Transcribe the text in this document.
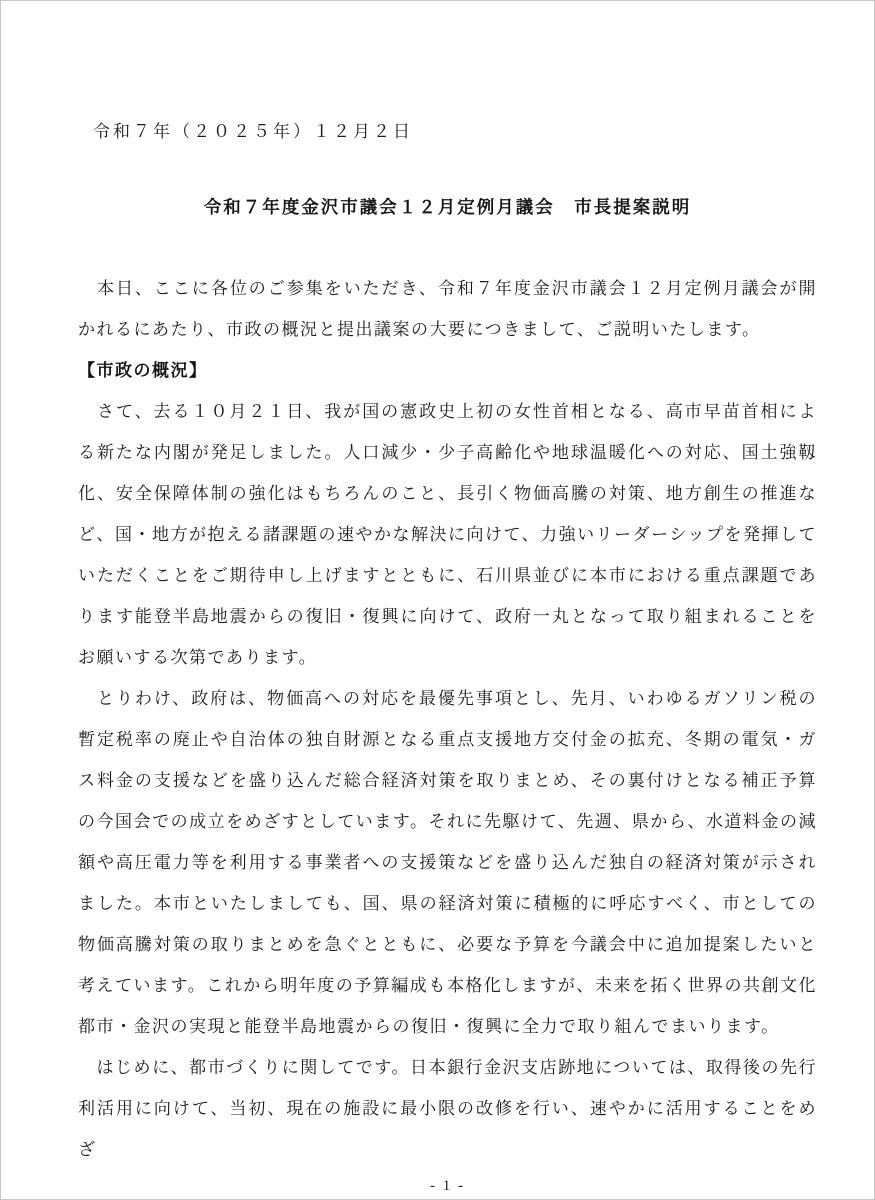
令和７年（２０２５年）１２月２日
令和７年度金沢市議会１２月定例月議会　市長提案説明

　本日、ここに各位のご参集をいただき、令和７年度金沢市議会１２月定例月議会が開かれるにあたり、市政の概況と提出議案の大要につきまして、ご説明いたします。

【市政の概況】

　さて、去る１０月２１日、我が国の憲政史上初の女性首相となる、高市早苗首相による新たな内閣が発足しました。人口減少・少子高齢化や地球温暖化への対応、国土強靱化、安全保障体制の強化はもちろんのこと、長引く物価高騰の対策、地方創生の推進など、国・地方が抱える諸課題の速やかな解決に向けて、力強いリーダーシップを発揮していただくことをご期待申し上げますとともに、石川県並びに本市における重点課題であります能登半島地震からの復旧・復興に向けて、政府一丸となって取り組まれることをお願いする次第であります。

　とりわけ、政府は、物価高への対応を最優先事項とし、先月、いわゆるガソリン税の暫定税率の廃止や自治体の独自財源となる重点支援地方交付金の拡充、冬期の電気・ガス料金の支援などを盛り込んだ総合経済対策を取りまとめ、その裏付けとなる補正予算の今国会での成立をめざすとしています。それに先駆けて、先週、県から、水道料金の減額や高圧電力等を利用する事業者への支援策などを盛り込んだ独自の経済対策が示されました。本市といたしましても、国、県の経済対策に積極的に呼応すべく、市としての物価高騰対策の取りまとめを急ぐとともに、必要な予算を今議会中に追加提案したいと考えています。これから明年度の予算編成も本格化しますが、未来を拓く世界の共創文化都市・金沢の実現と能登半島地震からの復旧・復興に全力で取り組んでまいります。

　はじめに、都市づくりに関してです。日本銀行金沢支店跡地については、取得後の先行利活用に向けて、当初、現在の施設に最小限の改修を行い、速やかに活用することをめざ

- 1 -
